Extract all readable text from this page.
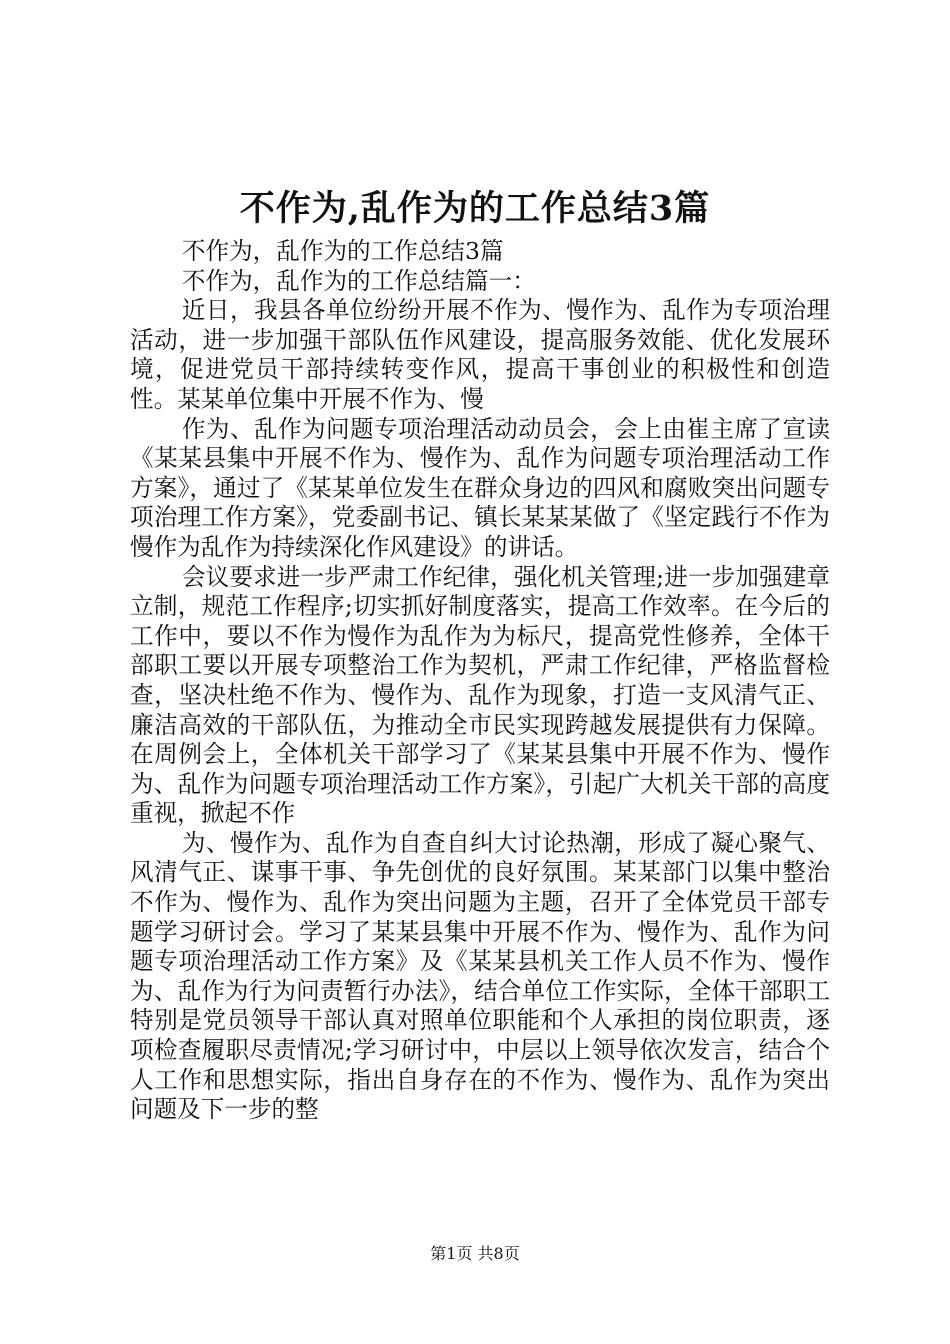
不作为,乱作为的工作总结3篇

不作为，乱作为的工作总结3篇

不作为，乱作为的工作总结篇一：

近日，我县各单位纷纷开展不作为、慢作为、乱作为专项治理活动，进一步加强干部队伍作风建设，提高服务效能、优化发展环境，促进党员干部持续转变作风，提高干事创业的积极性和创造性。某某单位集中开展不作为、慢

作为、乱作为问题专项治理活动动员会，会上由崔主席了宣读《某某县集中开展不作为、慢作为、乱作为问题专项治理活动工作方案》，通过了《某某单位发生在群众身边的四风和腐败突出问题专项治理工作方案》，党委副书记、镇长某某某做了《坚定践行不作为慢作为乱作为持续深化作风建设》的讲话。

会议要求进一步严肃工作纪律，强化机关管理;进一步加强建章立制，规范工作程序;切实抓好制度落实，提高工作效率。在今后的工作中，要以不作为慢作为乱作为为标尺，提高党性修养，全体干部职工要以开展专项整治工作为契机，严肃工作纪律，严格监督检查，坚决杜绝不作为、慢作为、乱作为现象，打造一支风清气正、廉洁高效的干部队伍，为推动全市民实现跨越发展提供有力保障。在周例会上，全体机关干部学习了《某某县集中开展不作为、慢作为、乱作为问题专项治理活动工作方案》，引起广大机关干部的高度重视，掀起不作

为、慢作为、乱作为自查自纠大讨论热潮，形成了凝心聚气、风清气正、谋事干事、争先创优的良好氛围。某某部门以集中整治不作为、慢作为、乱作为突出问题为主题，召开了全体党员干部专题学习研讨会。学习了某某县集中开展不作为、慢作为、乱作为问题专项治理活动工作方案》及《某某县机关工作人员不作为、慢作为、乱作为行为问责暂行办法》，结合单位工作实际，全体干部职工特别是党员领导干部认真对照单位职能和个人承担的岗位职责，逐项检查履职尽责情况;学习研讨中，中层以上领导依次发言，结合个人工作和思想实际，指出自身存在的不作为、慢作为、乱作为突出问题及下一步的整

第1页 共8页
